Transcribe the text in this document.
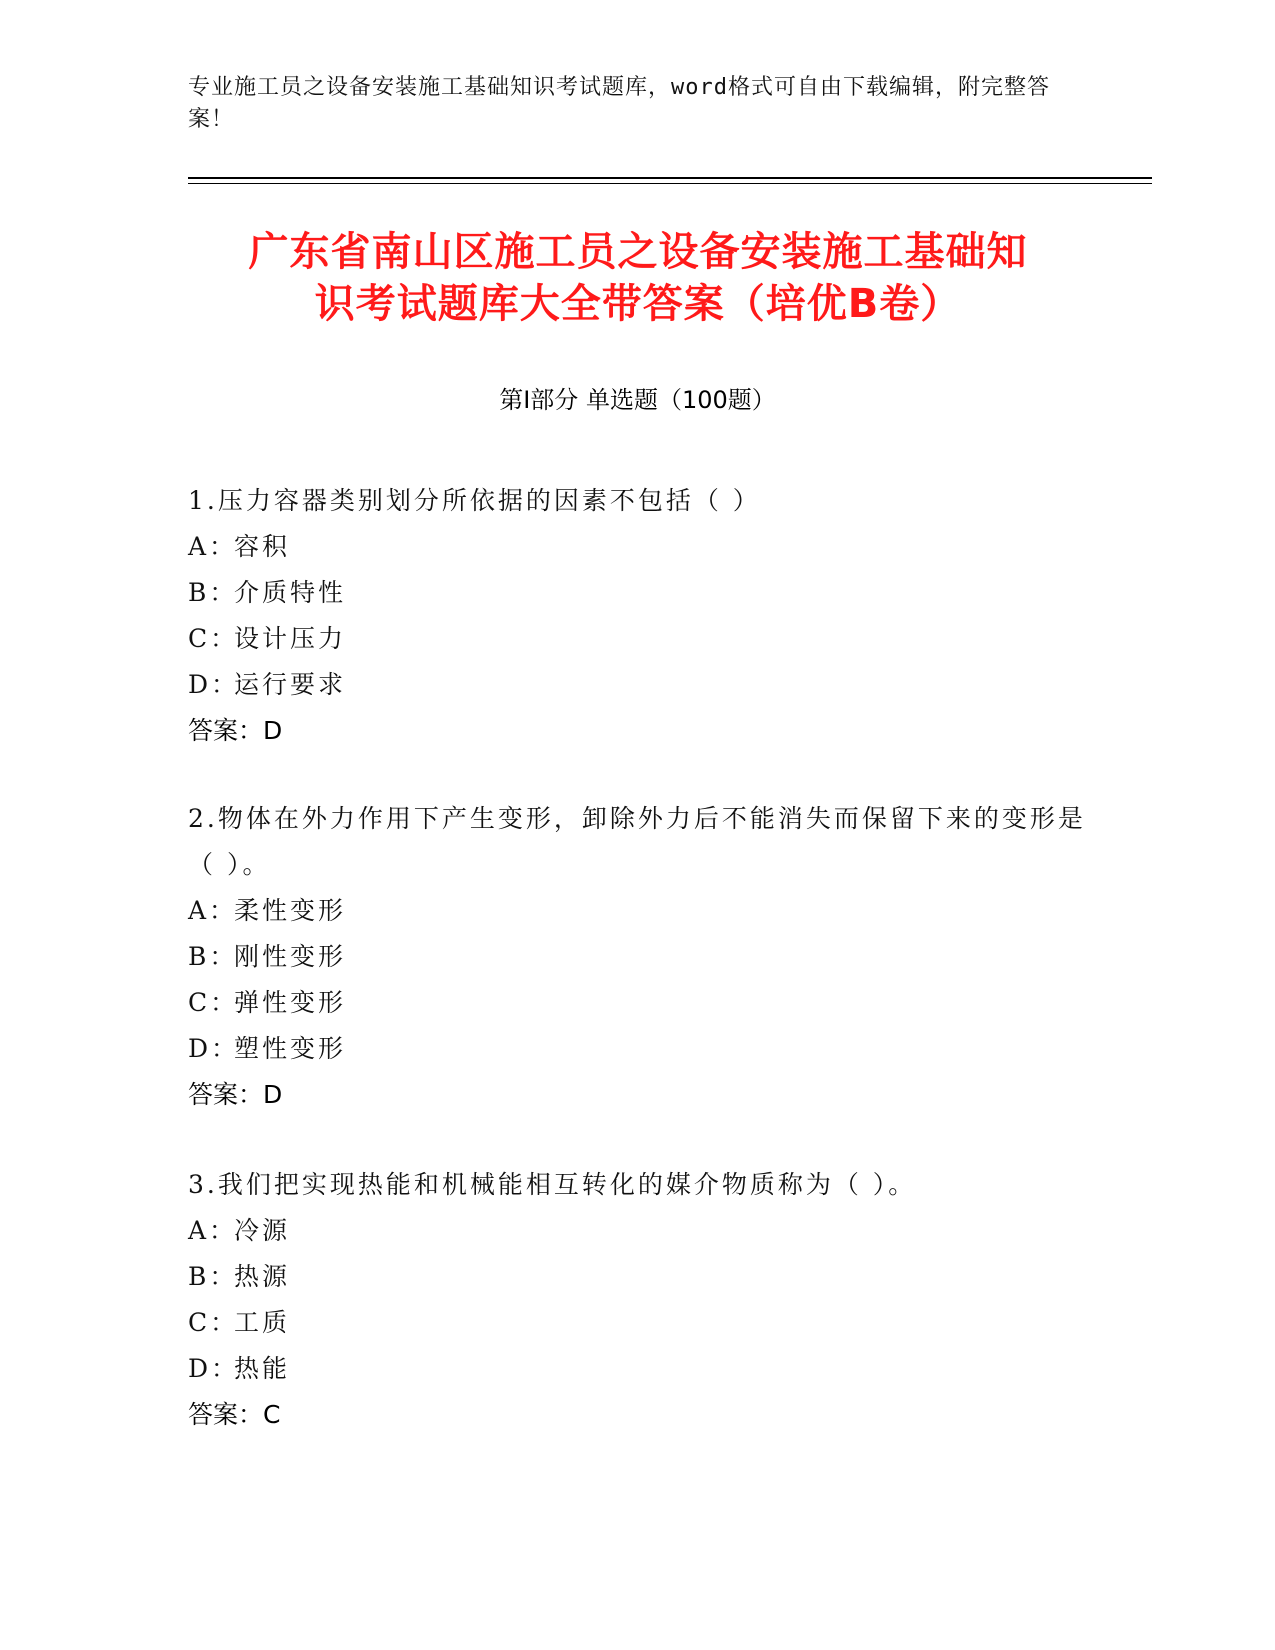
专业施工员之设备安装施工基础知识考试题库，word格式可自由下载编辑，附完整答案！
广东省南山区施工员之设备安装施工基础知
识考试题库大全带答案（培优B卷）
第Ⅰ部分 单选题（100题）

1.压力容器类别划分所依据的因素不包括（ ）

A：容积

B：介质特性

C：设计压力

D：运行要求

答案：D

2.物体在外力作用下产生变形，卸除外力后不能消失而保留下来的变形是（ ）。

A：柔性变形

B：刚性变形

C：弹性变形

D：塑性变形

答案：D

3.我们把实现热能和机械能相互转化的媒介物质称为（ ）。

A：冷源

B：热源

C：工质

D：热能

答案：C
